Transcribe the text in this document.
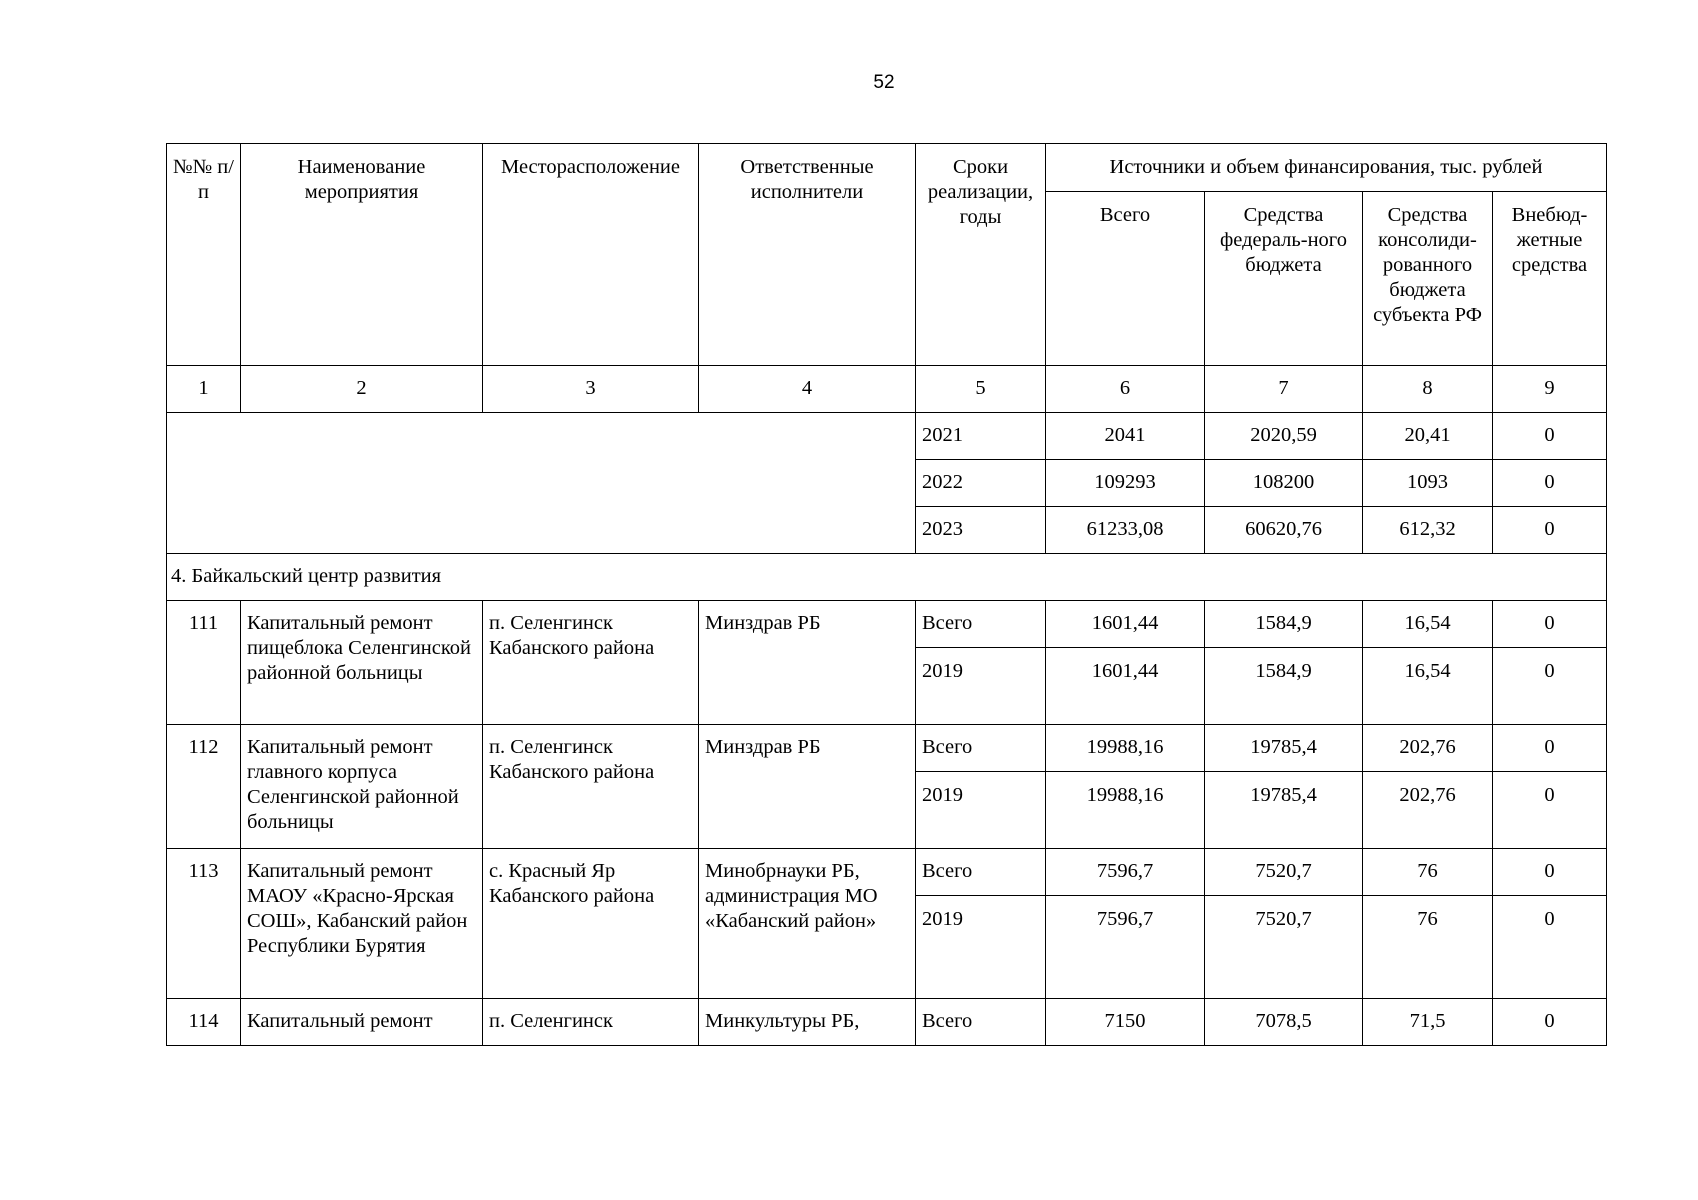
52
№№ п/п	Наименование мероприятия	Месторасположение	Ответственные исполнители	Сроки реализации, годы	Источники и объем финансирования, тыс. рублей			
					Всего	Средства федераль-ного бюджета	Средства консолиди-рованного бюджета субъекта РФ	Внебюд-жетные средства
1	2	3	4	5	6	7	8	9
				2021	2041	2020,59	20,41	0
				2022	109293	108200	1093	0
				2023	61233,08	60620,76	612,32	0
4. Байкальский центр развития								
111	Капитальный ремонт пищеблока Селенгинской районной больницы	п. Селенгинск Кабанского района	Минздрав РБ	Всего	1601,44	1584,9	16,54	0
				2019	1601,44	1584,9	16,54	0
112	Капитальный ремонт главного корпуса Селенгинской районной больницы	п. Селенгинск Кабанского района	Минздрав РБ	Всего	19988,16	19785,4	202,76	0
				2019	19988,16	19785,4	202,76	0
113	Капитальный ремонт МАОУ «Красно-Ярская СОШ», Кабанский район Республики Бурятия	с. Красный Яр Кабанского района	Минобрнауки РБ, администрация МО «Кабанский район»	Всего	7596,7	7520,7	76	0
				2019	7596,7	7520,7	76	0
114	Капитальный ремонт	п. Селенгинск	Минкультуры РБ,	Всего	7150	7078,5	71,5	0
